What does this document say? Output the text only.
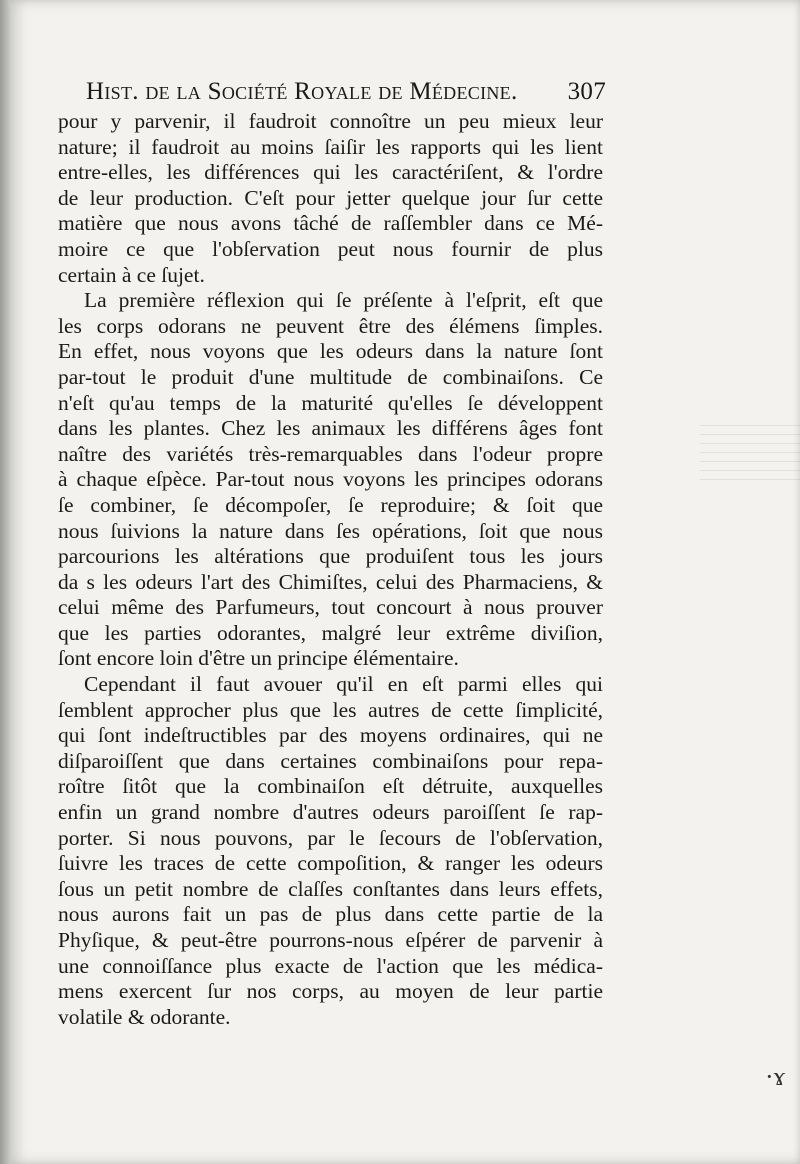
Hist. de la Société Royale de Médecine. 307
pour y parvenir, il faudroit connoître un peu mieux leur
nature; il faudroit au moins ſaiſir les rapports qui les lient
entre-elles, les différences qui les caractériſent, & l'ordre
de leur production. C'eſt pour jetter quelque jour ſur cette
matière que nous avons tâché de raſſembler dans ce Mé-
moire ce que l'obſervation peut nous fournir de plus
certain à ce ſujet.
La première réflexion qui ſe préſente à l'eſprit, eſt que
les corps odorans ne peuvent être des élémens ſimples.
En effet, nous voyons que les odeurs dans la nature ſont
par-tout le produit d'une multitude de combinaiſons. Ce
n'eſt qu'au temps de la maturité qu'elles ſe développent
dans les plantes. Chez les animaux les différens âges font
naître des variétés très-remarquables dans l'odeur propre
à chaque eſpèce. Par-tout nous voyons les principes odorans
ſe combiner, ſe décompoſer, ſe reproduire; & ſoit que
nous ſuivions la nature dans ſes opérations, ſoit que nous
parcourions les altérations que produiſent tous les jours
da s les odeurs l'art des Chimiſtes, celui des Pharmaciens, &
celui même des Parfumeurs, tout concourt à nous prouver
que les parties odorantes, malgré leur extrême diviſion,
ſont encore loin d'être un principe élémentaire.
Cependant il faut avouer qu'il en eſt parmi elles qui
ſemblent approcher plus que les autres de cette ſimplicité,
qui ſont indeſtructibles par des moyens ordinaires, qui ne
diſparoiſſent que dans certaines combinaiſons pour repa-
roître ſitôt que la combinaiſon eſt détruite, auxquelles
enfin un grand nombre d'autres odeurs paroiſſent ſe rap-
porter. Si nous pouvons, par le ſecours de l'obſervation,
ſuivre les traces de cette compoſition, & ranger les odeurs
ſous un petit nombre de claſſes conſtantes dans leurs effets,
nous aurons fait un pas de plus dans cette partie de la
Phyſique, & peut-être pourrons-nous eſpérer de parvenir à
une connoiſſance plus exacte de l'action que les médica-
mens exercent ſur nos corps, au moyen de leur partie
volatile & odorante.
·ɤ
